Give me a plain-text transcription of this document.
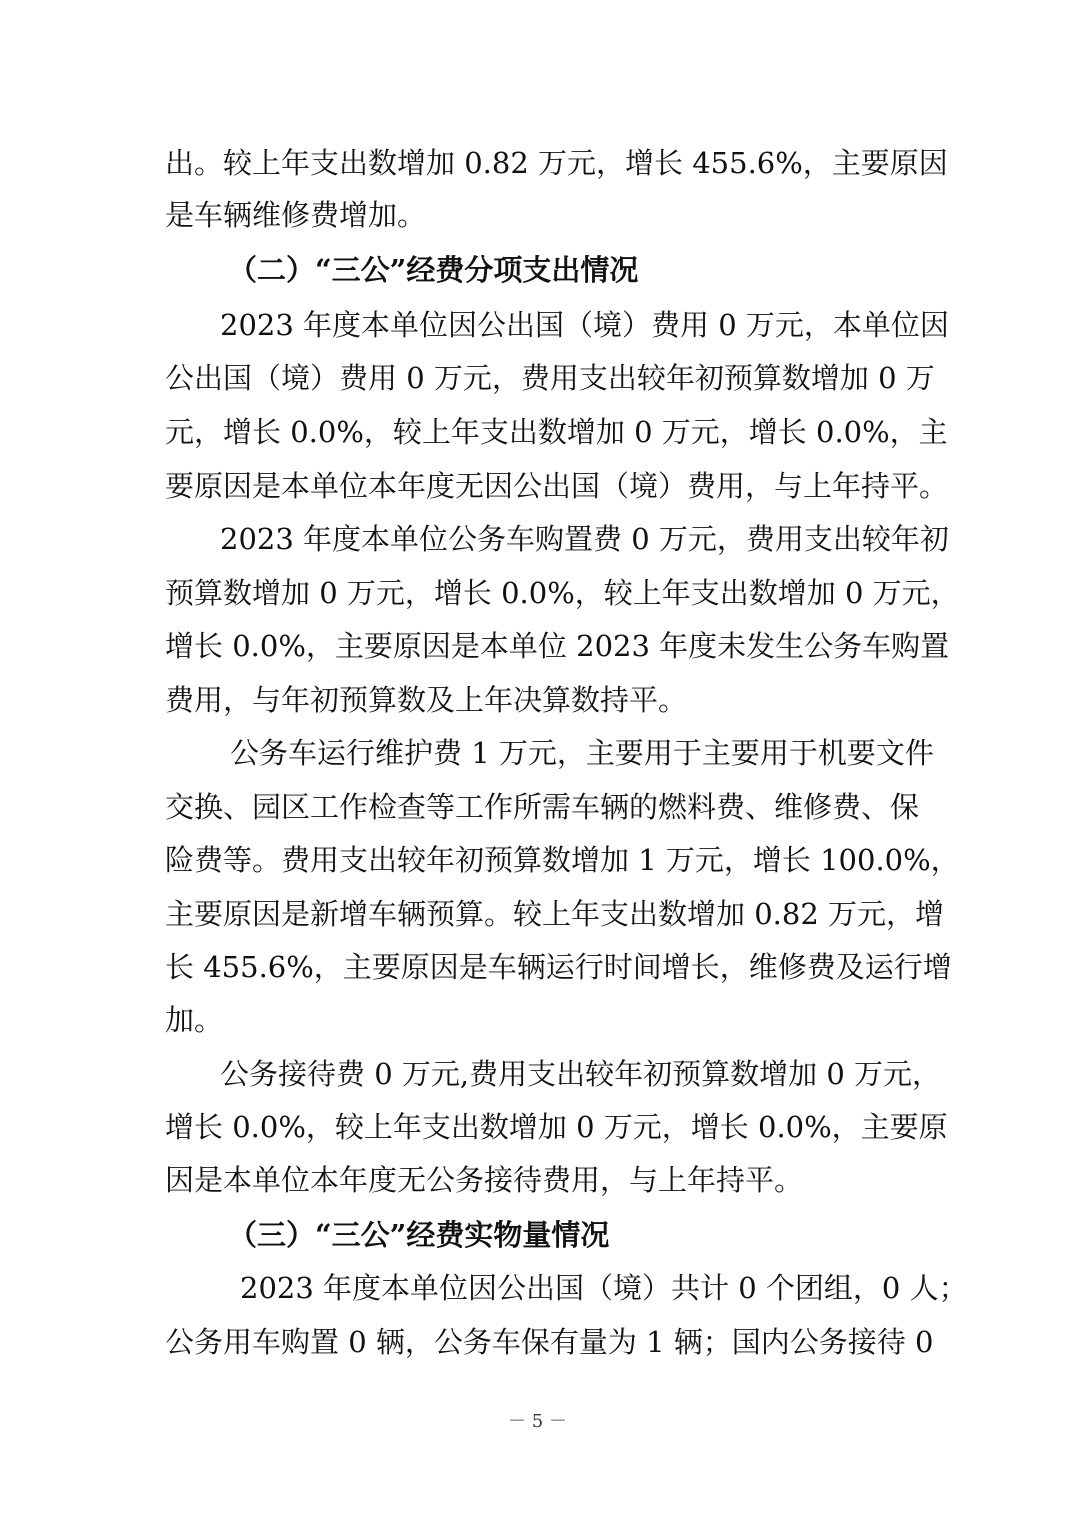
出。较上年支出数增加 0.82 万元，增长 455.6%，主要原因
是车辆维修费增加。
（二）“三公”经费分项支出情况
2023 年度本单位因公出国（境）费用 0 万元，本单位因
公出国（境）费用 0 万元，费用支出较年初预算数增加 0 万
元，增长 0.0%，较上年支出数增加 0 万元，增长 0.0%，主
要原因是本单位本年度无因公出国（境）费用，与上年持平。
2023 年度本单位公务车购置费 0 万元，费用支出较年初
预算数增加 0 万元，增长 0.0%，较上年支出数增加 0 万元，
增长 0.0%，主要原因是本单位 2023 年度未发生公务车购置
费用，与年初预算数及上年决算数持平。
公务车运行维护费 1 万元，主要用于主要用于机要文件
交换、园区工作检查等工作所需车辆的燃料费、维修费、保
险费等。费用支出较年初预算数增加 1 万元，增长 100.0%，
主要原因是新增车辆预算。较上年支出数增加 0.82 万元，增
长 455.6%，主要原因是车辆运行时间增长，维修费及运行增
加。
公务接待费 0 万元,费用支出较年初预算数增加 0 万元，
增长 0.0%，较上年支出数增加 0 万元，增长 0.0%，主要原
因是本单位本年度无公务接待费用，与上年持平。
（三）“三公”经费实物量情况
2023 年度本单位因公出国（境）共计 0 个团组，0 人；
公务用车购置 0 辆，公务车保有量为 1 辆；国内公务接待 0
－ 5 －
